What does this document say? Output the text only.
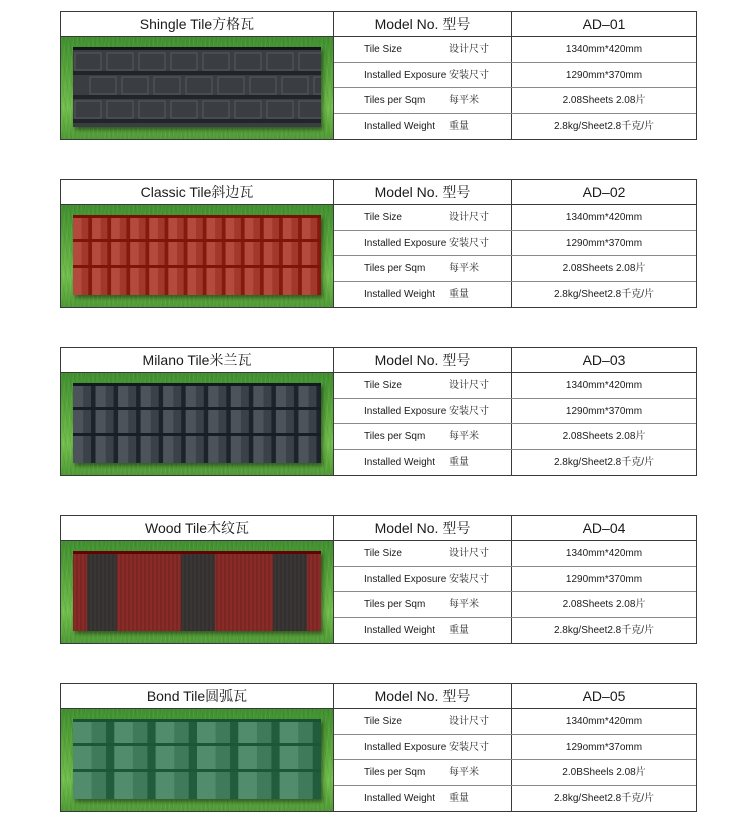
Shingle Tile方格瓦	Model No. 型号	AD–01
Tile Size	设计尺寸	1340mm*420mm
Installed Exposure 安装尺寸	1290mm*370mm
Tiles per Sqm 每平米	2.08Sheets 2.08片
Installed Weight 重量	2.8kg/Sheet2.8千克/片
Classic Tile斜边瓦	Model No. 型号	AD–02
Tile Size	设计尺寸	1340mm*420mm
Installed Exposure 安装尺寸	1290mm*370mm
Tiles per Sqm 每平米	2.08Sheets 2.08片
Installed Weight 重量	2.8kg/Sheet2.8千克/片
Milano Tile米兰瓦	Model No. 型号	AD–03
Tile Size	设计尺寸	1340mm*420mm
Installed Exposure 安装尺寸	1290mm*370mm
Tiles per Sqm 每平米	2.08Sheets 2.08片
Installed Weight 重量	2.8kg/Sheet2.8千克/片
Wood Tile木纹瓦	Model No. 型号	AD–04
Tile Size	设计尺寸	1340mm*420mm
Installed Exposure 安装尺寸	1290mm*370mm
Tiles per Sqm 每平米	2.08Sheets 2.08片
Installed Weight 重量	2.8kg/Sheet2.8千克/片
Bond Tile圆弧瓦	Model No. 型号	AD–05
Tile Size	设计尺寸	1340mm*420mm
Installed Exposure 安装尺寸	129omm*37omm
Tiles per Sqm 每平米	2.0BSheels 2.08片
Installed Weight 重量	2.8kg/Sheet2.8千克/片
